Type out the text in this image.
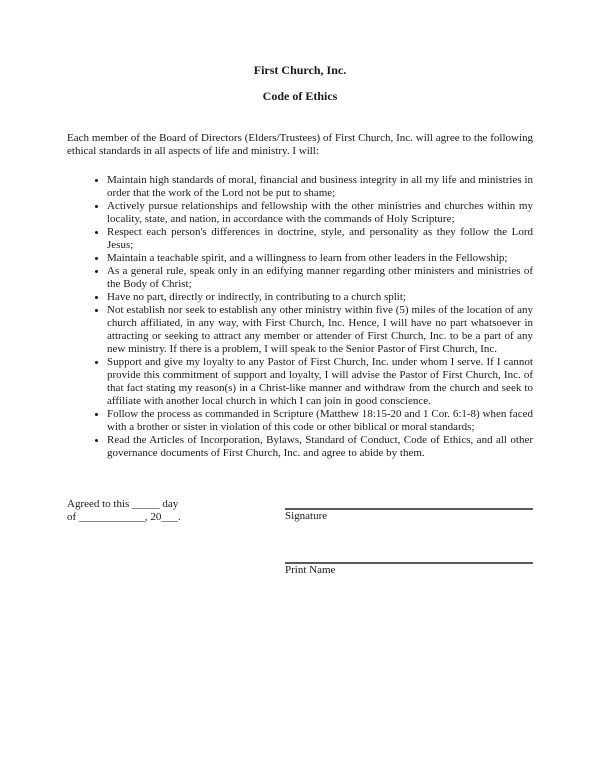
First Church, Inc.
Code of Ethics

Each member of the Board of Directors (Elders/Trustees) of First Church, Inc. will agree to the following ethical standards in all aspects of life and ministry. I will:

• Maintain high standards of moral, financial and business integrity in all my life and ministries in order that the work of the Lord not be put to shame;
• Actively pursue relationships and fellowship with the other ministries and churches within my locality, state, and nation, in accordance with the commands of Holy Scripture;
• Respect each person's differences in doctrine, style, and personality as they follow the Lord Jesus;
• Maintain a teachable spirit, and a willingness to learn from other leaders in the Fellowship;
• As a general rule, speak only in an edifying manner regarding other ministers and ministries of the Body of Christ;
• Have no part, directly or indirectly, in contributing to a church split;
• Not establish nor seek to establish any other ministry within five (5) miles of the location of any church affiliated, in any way, with First Church, Inc. Hence, I will have no part whatsoever in attracting or seeking to attract any member or attender of First Church, Inc. to be a part of any new ministry. If there is a problem, I will speak to the Senior Pastor of First Church, Inc.
• Support and give my loyalty to any Pastor of First Church, Inc. under whom I serve. If I cannot provide this commitment of support and loyalty, I will advise the Pastor of First Church, Inc. of that fact stating my reason(s) in a Christ-like manner and withdraw from the church and seek to affiliate with another local church in which I can join in good conscience.
• Follow the process as commanded in Scripture (Matthew 18:15-20 and 1 Cor. 6:1-8) when faced with a brother or sister in violation of this code or other biblical or moral standards;
• Read the Articles of Incorporation, Bylaws, Standard of Conduct, Code of Ethics, and all other governance documents of First Church, Inc. and agree to abide by them.
Agreed to this _____ day
of ____________, 20___.	Signature
Print Name
